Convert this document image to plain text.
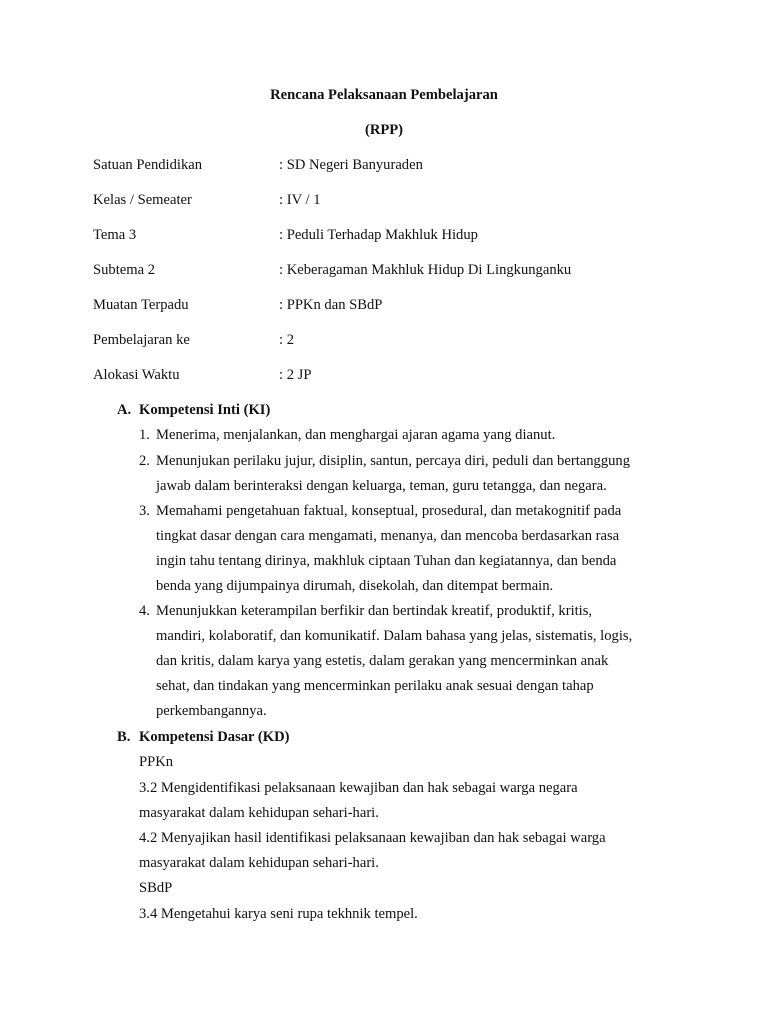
Rencana Pelaksanaan Pembelajaran
(RPP)
Satuan Pendidikan	: SD Negeri Banyuraden
Kelas / Semeater	: IV / 1
Tema 3	: Peduli Terhadap Makhluk Hidup
Subtema 2	: Keberagaman Makhluk Hidup Di Lingkunganku
Muatan Terpadu	: PPKn dan SBdP
Pembelajaran ke	: 2
Alokasi Waktu	: 2 JP
A. Kompetensi Inti (KI)
1. Menerima, menjalankan, dan menghargai ajaran agama yang dianut.
2. Menunjukan perilaku jujur, disiplin, santun, percaya diri, peduli dan bertanggung
jawab dalam berinteraksi dengan keluarga, teman, guru tetangga, dan negara.
3. Memahami pengetahuan faktual, konseptual, prosedural, dan metakognitif pada
tingkat dasar dengan cara mengamati, menanya, dan mencoba berdasarkan rasa
ingin tahu tentang dirinya, makhluk ciptaan Tuhan dan kegiatannya, dan benda
benda yang dijumpainya dirumah, disekolah, dan ditempat bermain.
4. Menunjukkan keterampilan berfikir dan bertindak kreatif, produktif, kritis,
mandiri, kolaboratif, dan komunikatif. Dalam bahasa yang jelas, sistematis, logis,
dan kritis, dalam karya yang estetis, dalam gerakan yang mencerminkan anak
sehat, dan tindakan yang mencerminkan perilaku anak sesuai dengan tahap
perkembangannya.
B. Kompetensi Dasar (KD)
PPKn
3.2 Mengidentifikasi pelaksanaan kewajiban dan hak sebagai warga negara
masyarakat dalam kehidupan sehari-hari.
4.2 Menyajikan hasil identifikasi pelaksanaan kewajiban dan hak sebagai warga
masyarakat dalam kehidupan sehari-hari.
SBdP
3.4 Mengetahui karya seni rupa tekhnik tempel.
